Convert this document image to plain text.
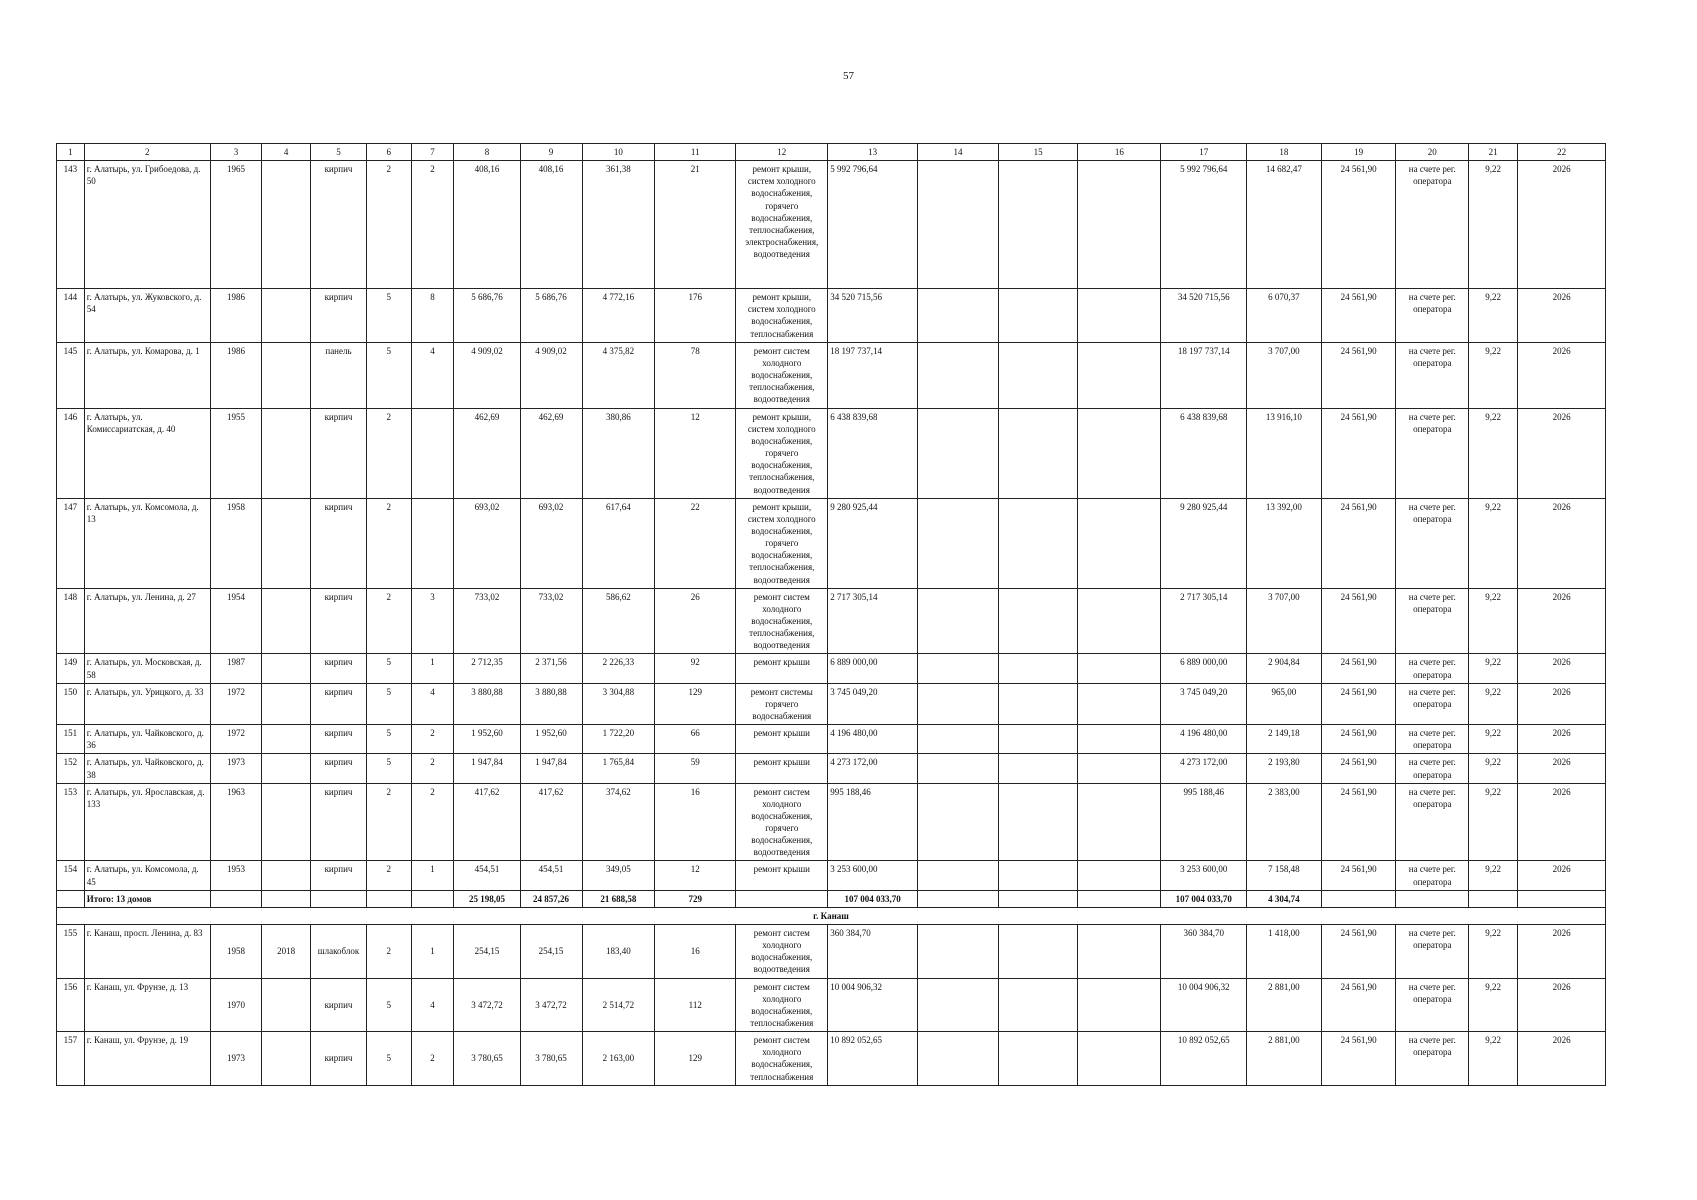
57
1	2	3	4	5	6	7	8	9	10	11	12	13	14	15	16	17	18	19	20	21	22
143	г. Алатырь, ул. Грибоедова, д. 50	1965		кирпич	2	2	408,16	408,16	361,38	21	ремонт крыши, систем холодного водоснабжения, горячего водоснабжения, теплоснабжения, электроснабжения, водоотведения	5 992 796,64				5 992 796,64	14 682,47	24 561,90	на счете рег. оператора	9,22	2026
144	г. Алатырь, ул. Жуковского, д. 54	1986		кирпич	5	8	5 686,76	5 686,76	4 772,16	176	ремонт крыши, систем холодного водоснабжения, теплоснабжения	34 520 715,56				34 520 715,56	6 070,37	24 561,90	на счете рег. оператора	9,22	2026
145	г. Алатырь, ул. Комарова, д. 1	1986		панель	5	4	4 909,02	4 909,02	4 375,82	78	ремонт систем холодного водоснабжения, теплоснабжения, водоотведения	18 197 737,14				18 197 737,14	3 707,00	24 561,90	на счете рег. оператора	9,22	2026
146	г. Алатырь, ул. Комиссариатская, д. 40	1955		кирпич	2		462,69	462,69	380,86	12	ремонт крыши, систем холодного водоснабжения, горячего водоснабжения, теплоснабжения, водоотведения	6 438 839,68				6 438 839,68	13 916,10	24 561,90	на счете рег. оператора	9,22	2026
147	г. Алатырь, ул. Комсомола, д. 13	1958		кирпич	2		693,02	693,02	617,64	22	ремонт крыши, систем холодного водоснабжения, горячего водоснабжения, теплоснабжения, водоотведения	9 280 925,44				9 280 925,44	13 392,00	24 561,90	на счете рег. оператора	9,22	2026
148	г. Алатырь, ул. Ленина, д. 27	1954		кирпич	2	3	733,02	733,02	586,62	26	ремонт систем холодного водоснабжения, теплоснабжения, водоотведения	2 717 305,14				2 717 305,14	3 707,00	24 561,90	на счете рег. оператора	9,22	2026
149	г. Алатырь, ул. Московская, д. 58	1987		кирпич	5	1	2 712,35	2 371,56	2 226,33	92	ремонт крыши	6 889 000,00				6 889 000,00	2 904,84	24 561,90	на счете рег. оператора	9,22	2026
150	г. Алатырь, ул. Урицкого, д. 33	1972		кирпич	5	4	3 880,88	3 880,88	3 304,88	129	ремонт системы горячего водоснабжения	3 745 049,20				3 745 049,20	965,00	24 561,90	на счете рег. оператора	9,22	2026
151	г. Алатырь, ул. Чайковского, д. 36	1972		кирпич	5	2	1 952,60	1 952,60	1 722,20	66	ремонт крыши	4 196 480,00				4 196 480,00	2 149,18	24 561,90	на счете рег. оператора	9,22	2026
152	г. Алатырь, ул. Чайковского, д. 38	1973		кирпич	5	2	1 947,84	1 947,84	1 765,84	59	ремонт крыши	4 273 172,00				4 273 172,00	2 193,80	24 561,90	на счете рег. оператора	9,22	2026
153	г. Алатырь, ул. Ярославская, д. 133	1963		кирпич	2	2	417,62	417,62	374,62	16	ремонт систем холодного водоснабжения, горячего водоснабжения, водоотведения	995 188,46				995 188,46	2 383,00	24 561,90	на счете рег. оператора	9,22	2026
154	г. Алатырь, ул. Комсомола, д. 45	1953		кирпич	2	1	454,51	454,51	349,05	12	ремонт крыши	3 253 600,00				3 253 600,00	7 158,48	24 561,90	на счете рег. оператора	9,22	2026
	Итого: 13 домов						25 198,05	24 857,26	21 688,58	729		107 004 033,70				107 004 033,70	4 304,74				
г. Канаш																					
155	г. Канаш, просп. Ленина, д. 83	1958	2018	шлакоблок	2	1	254,15	254,15	183,40	16	ремонт систем холодного водоснабжения, водоотведения	360 384,70				360 384,70	1 418,00	24 561,90	на счете рег. оператора	9,22	2026
156	г. Канаш, ул. Фрунзе, д. 13	1970		кирпич	5	4	3 472,72	3 472,72	2 514,72	112	ремонт систем холодного водоснабжения, теплоснабжения	10 004 906,32				10 004 906,32	2 881,00	24 561,90	на счете рег. оператора	9,22	2026
157	г. Канаш, ул. Фрунзе, д. 19	1973		кирпич	5	2	3 780,65	3 780,65	2 163,00	129	ремонт систем холодного водоснабжения, теплоснабжения	10 892 052,65				10 892 052,65	2 881,00	24 561,90	на счете рег. оператора	9,22	2026
